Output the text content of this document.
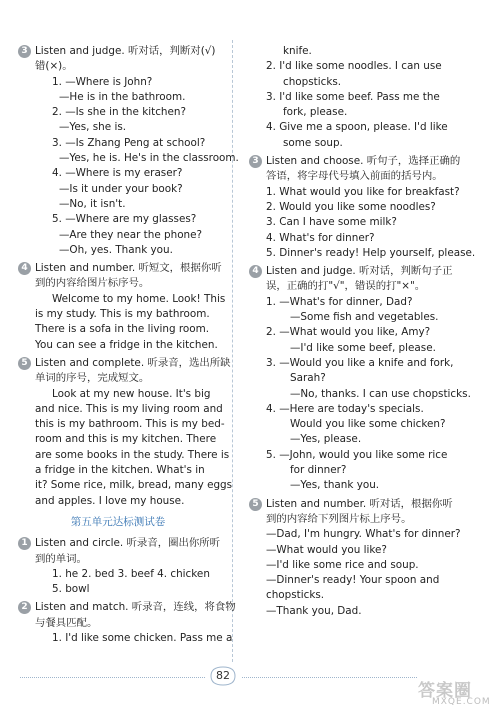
3 Listen and judge. 听对话，判断对(√)
错(×)。
1. —Where is John?
—He is in the bathroom.
2. —Is she in the kitchen?
—Yes, she is.
3. —Is Zhang Peng at school?
—Yes, he is. He's in the classroom.
4. —Where is my eraser?
—Is it under your book?
—No, it isn't.
5. —Where are my glasses?
—Are they near the phone?
—Oh, yes. Thank you.
4 Listen and number. 听短文，根据你听
到的内容给图片标序号。
Welcome to my home. Look! This
is my study. This is my bathroom.
There is a sofa in the living room.
You can see a fridge in the kitchen.
5 Listen and complete. 听录音，选出所缺
单词的序号，完成短文。
Look at my new house. It's big
and nice. This is my living room and
this is my bathroom. This is my bed-
room and this is my kitchen. There
are some books in the study. There is
a fridge in the kitchen. What's in
it? Some rice, milk, bread, many eggs
and apples. I love my house.
第五单元达标测试卷
1 Listen and circle. 听录音，圈出你所听
到的单词。
1. he 2. bed 3. beef 4. chicken
5. bowl
2 Listen and match. 听录音，连线，将食物
与餐具匹配。
1. I'd like some chicken. Pass me a
knife.
2. I'd like some noodles. I can use
chopsticks.
3. I'd like some beef. Pass me the
fork, please.
4. Give me a spoon, please. I'd like
some soup.
3 Listen and choose. 听句子，选择正确的
答语，将字母代号填入前面的括号内。
1. What would you like for breakfast?
2. Would you like some noodles?
3. Can I have some milk?
4. What's for dinner?
5. Dinner's ready! Help yourself, please.
4 Listen and judge. 听对话，判断句子正
误，正确的打"√"，错误的打"×"。
1. —What's for dinner, Dad?
—Some fish and vegetables.
2. —What would you like, Amy?
—I'd like some beef, please.
3. —Would you like a knife and fork,
Sarah?
—No, thanks. I can use chopsticks.
4. —Here are today's specials.
Would you like some chicken?
—Yes, please.
5. —John, would you like some rice
for dinner?
—Yes, thank you.
5 Listen and number. 听对话，根据你听
到的内容给下列图片标上序号。
—Dad, I'm hungry. What's for dinner?
—What would you like?
—I'd like some rice and soup.
—Dinner's ready! Your spoon and
chopsticks.
—Thank you, Dad.
82
答案圈
MXQE.COM
